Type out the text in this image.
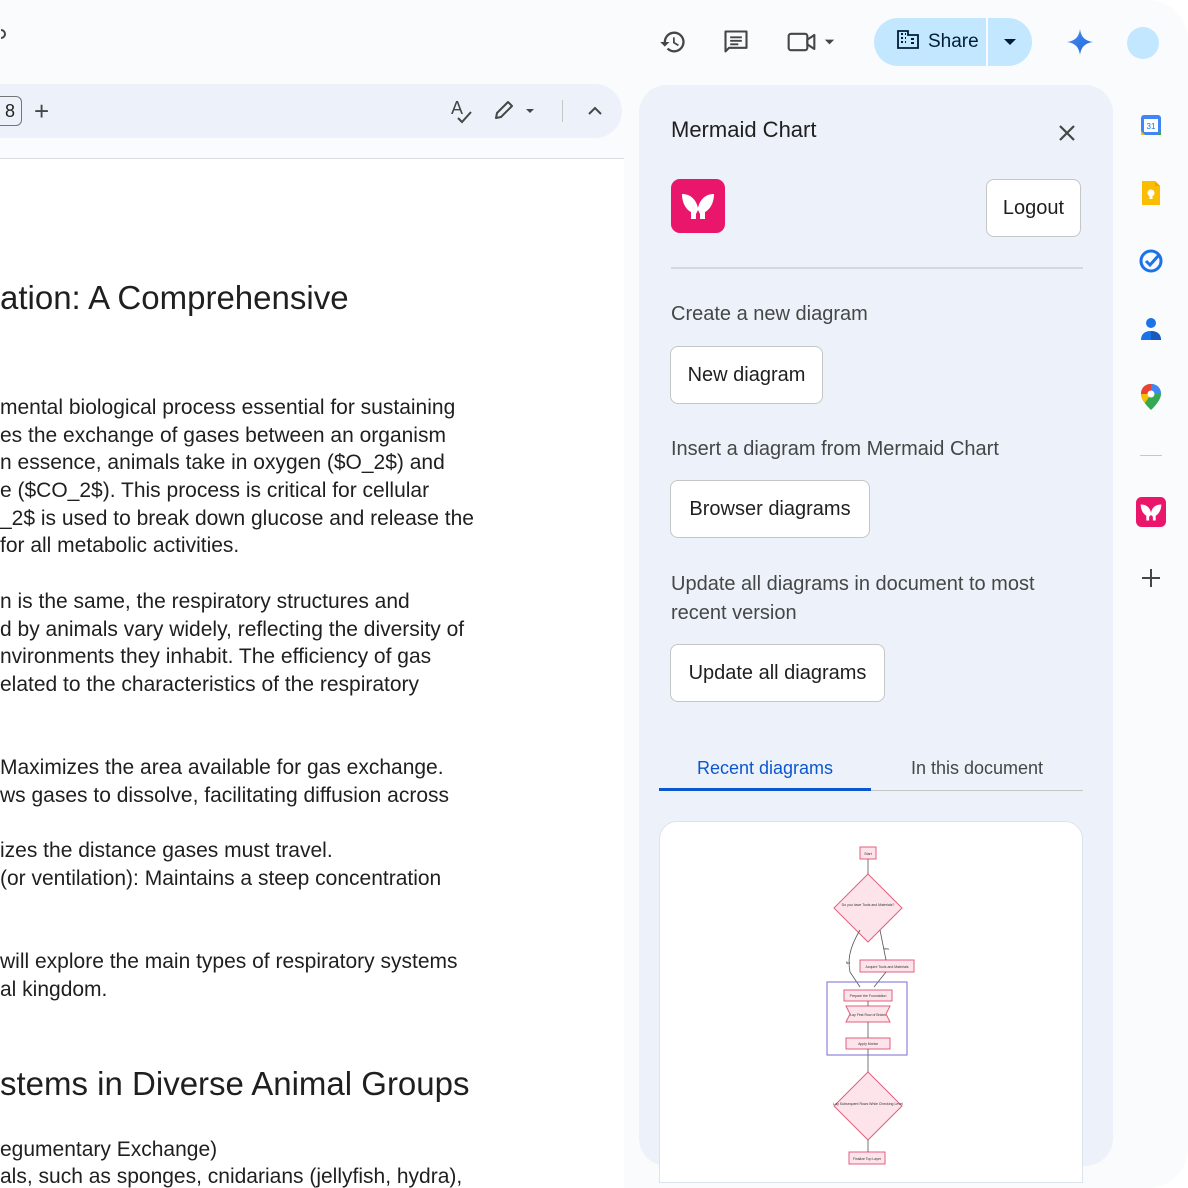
Share
8 +	A
ation: A Comprehensive

mental biological process essential for sustaining

es the exchange of gases between an organism

n essence, animals take in oxygen ($O_2$) and

e ($CO_2$). This process is critical for cellular

_2$ is used to break down glucose and release the

for all metabolic activities.

n is the same, the respiratory structures and

d by animals vary widely, reflecting the diversity of

nvironments they inhabit. The efficiency of gas

elated to the characteristics of the respiratory

Maximizes the area available for gas exchange.

ws gases to dissolve, facilitating diffusion across

izes the distance gases must travel.

(or ventilation): Maintains a steep concentration

will explore the main types of respiratory systems

al kingdom.

stems in Diverse Animal Groups

egumentary Exchange)

als, such as sponges, cnidarians (jellyfish, hydra),

Mermaid Chart
Logout
Create a new diagram
New diagram
Insert a diagram from Mermaid Chart
Browser diagrams
Update all diagrams in document to most
recent version
Update all diagrams
Recent diagrams	In this document
Start
Do you have Tools and Materials?
Acquire Tools and Materials
Prepare the Foundation
Lay First Row of Bricks
Apply Mortar
Lay Subsequent Rows While Checking Level
Finalize Top Layer
No
Yes
31
